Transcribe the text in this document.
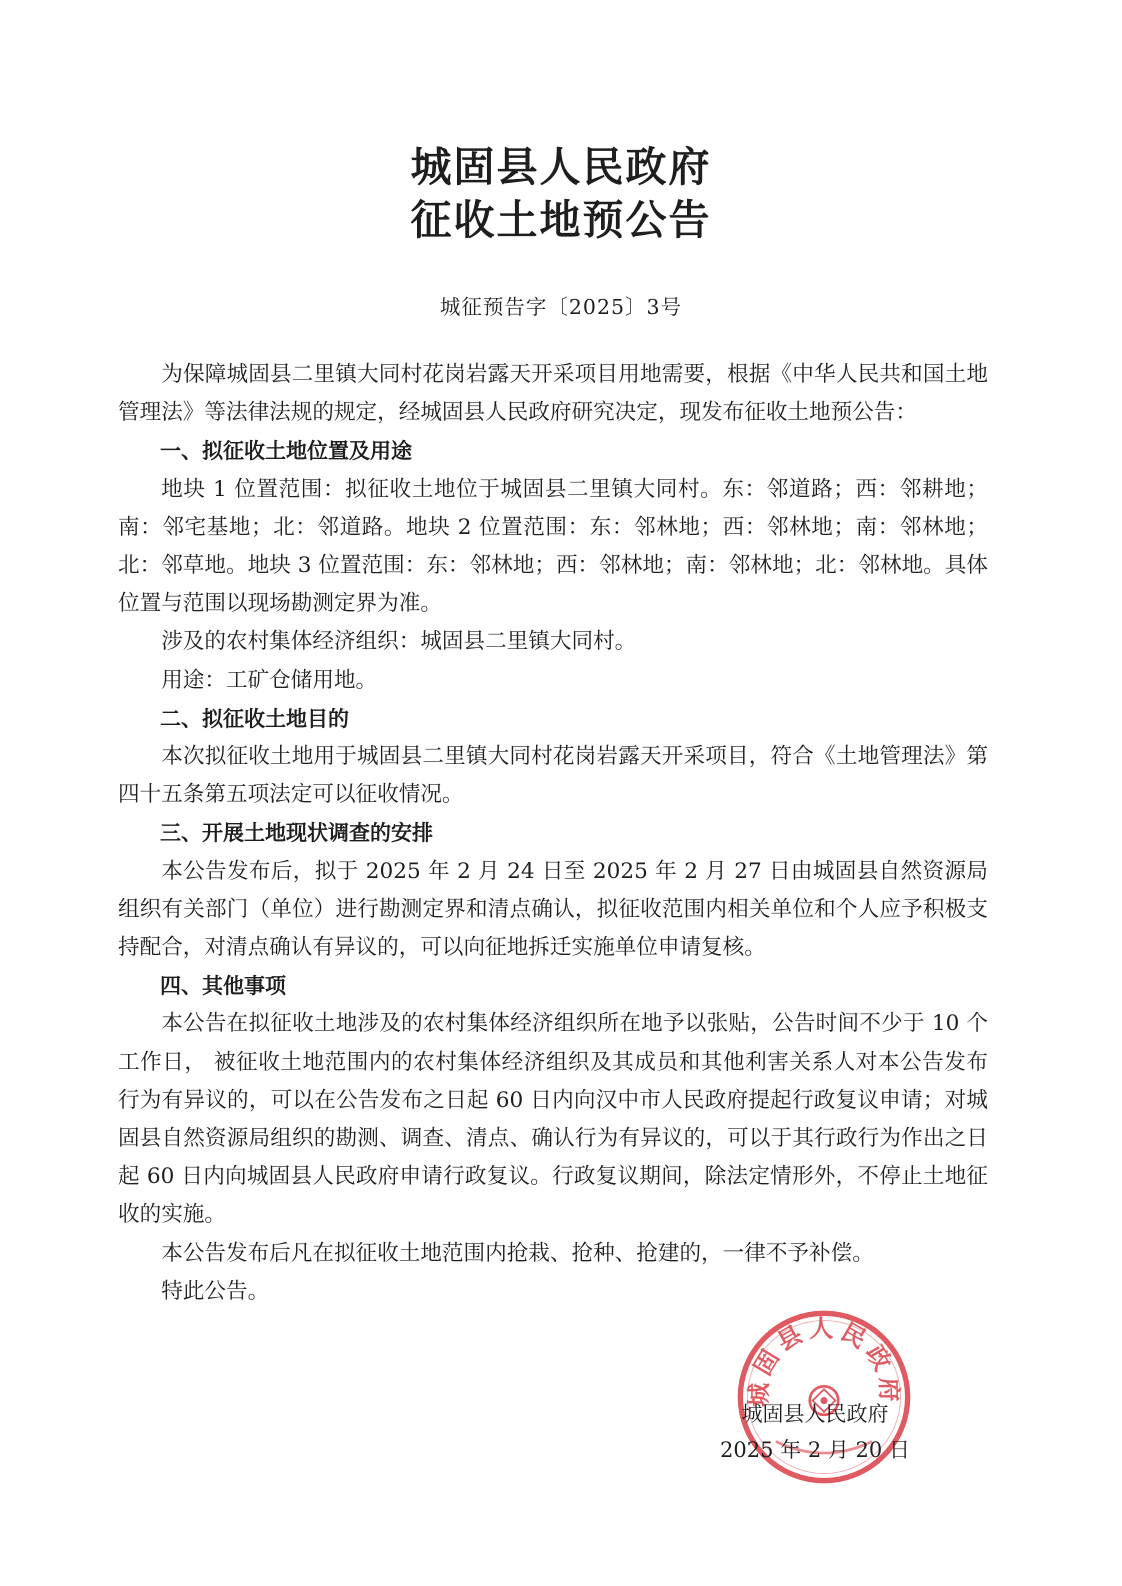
城固县人民政府
征收土地预公告
城征预告字〔2025〕3号

为保障城固县二里镇大同村花岗岩露天开采项目用地需要，根据《中华人民共和国土地管理法》等法律法规的规定，经城固县人民政府研究决定，现发布征收土地预公告：

一、拟征收土地位置及用途

地块 1 位置范围：拟征收土地位于城固县二里镇大同村。东：邻道路；西：邻耕地；南：邻宅基地；北：邻道路。地块 2 位置范围：东：邻林地；西：邻林地；南：邻林地；北：邻草地。地块 3 位置范围：东：邻林地；西：邻林地；南：邻林地；北：邻林地。具体位置与范围以现场勘测定界为准。

涉及的农村集体经济组织：城固县二里镇大同村。

用途：工矿仓储用地。

二、拟征收土地目的

本次拟征收土地用于城固县二里镇大同村花岗岩露天开采项目，符合《土地管理法》第四十五条第五项法定可以征收情况。

三、开展土地现状调查的安排

本公告发布后，拟于 2025 年 2 月 24 日至 2025 年 2 月 27 日由城固县自然资源局组织有关部门（单位）进行勘测定界和清点确认，拟征收范围内相关单位和个人应予积极支持配合，对清点确认有异议的，可以向征地拆迁实施单位申请复核。

四、其他事项

本公告在拟征收土地涉及的农村集体经济组织所在地予以张贴，公告时间不少于 10 个工作日， 被征收土地范围内的农村集体经济组织及其成员和其他利害关系人对本公告发布行为有异议的，可以在公告发布之日起 60 日内向汉中市人民政府提起行政复议申请；对城固县自然资源局组织的勘测、调查、清点、确认行为有异议的，可以于其行政行为作出之日起 60 日内向城固县人民政府申请行政复议。行政复议期间，除法定情形外，不停止土地征收的实施。

本公告发布后凡在拟征收土地范围内抢栽、抢种、抢建的，一律不予补偿。

特此公告。

城固县人民政府
城固县人民政府
2025 年 2 月 20 日
